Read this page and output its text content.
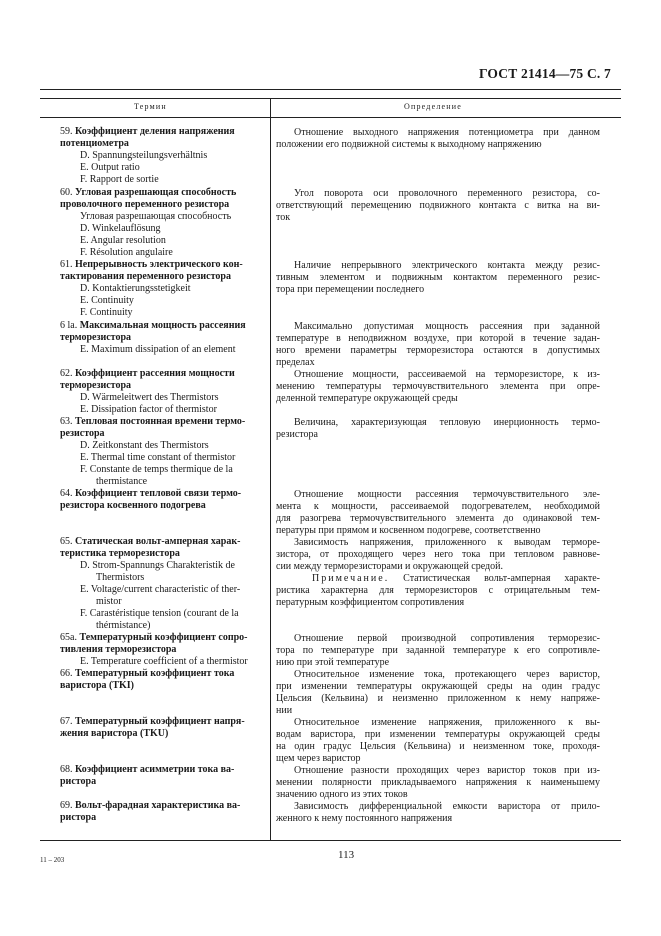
ГОСТ 21414—75 С. 7
Термин	Определение
59. Коэффициент деления напряжения
потенциометра
D. Spannungsteilungsverhältnis
E. Output ratio
F. Rapport de sortie
Отношение выходного напряжения потенциометра при данном
положении его подвижной системы к выходному напряжению
60. Угловая разрешающая способность
проволочного переменного резистора
Угловая разрешающая способность
D. Winkelauflösung
E. Angular resolution
F. Résolution angulaire
Угол поворота оси проволочного переменного резистора, со-
ответствующий перемещению подвижного контакта с витка на ви-
ток
61. Непрерывность электрического кон-
тактирования переменного резистора
D. Kontaktierungsstetigkeit
E. Continuity
F. Continuity
Наличие непрерывного электрического контакта между резис-
тивным элементом и подвижным контактом переменного резис-
тора при перемещении последнего
6 la. Максимальная мощность рассеяния
терморезистора
E. Maximum dissipation of an element
Максимально допустимая мощность рассеяния при заданной
температуре в неподвижном воздухе, при которой в течение задан-
ного времени параметры терморезистора остаются в допустимых
пределах
62. Коэффициент рассеяния мощности
терморезистора
D. Wärmeleitwert des Thermistors
E. Dissipation factor of thermistor
Отношение мощности, рассеиваемой на терморезисторе, к из-
менению температуры термочувствительного элемента при опре-
деленной температуре окружающей среды
63. Тепловая постоянная времени термо-
резистора
D. Zeitkonstant des Thermistors
E. Thermal time constant of thermistor
F. Constante de temps thermique de la
thermistance
Величина, характеризующая тепловую инерционность термо-
резистора
64. Коэффициент тепловой связи термо-
резистора косвенного подогрева
Отношение мощности рассеяния термочувствительного эле-
мента к мощности, рассеиваемой подогревателем, необходимой
для разогрева термочувствительного элемента до одинаковой тем-
пературы при прямом и косвенном подогреве, соответственно
65. Статическая вольт-амперная харак-
теристика терморезистора
D. Strom-Spannungs Charakteristik de
Thermistors
E. Voltage/current characteristic of ther-
mistor
F. Carastéristique tension (courant de la
thérmistance)
Зависимость напряжения, приложенного к выводам терморе-
зистора, от проходящего через него тока при тепловом равнове-
сии между терморезисторами и окружающей средой.
Примечание. Статистическая вольт-амперная характе-
ристика характерна для терморезисторов с отрицательным тем-
пературным коэффициентом сопротивления
65a. Температурный коэффициент сопро-
тивления терморезистора
E. Temperature coefficient of a thermistor
Отношение первой производной сопротивления терморезис-
тора по температуре при заданной температуре к его сопротивле-
нию при этой температуре
66. Температурный коэффициент тока
варистора (TKI)
Относительное изменение тока, протекающего через варистор,
при изменении температуры окружающей среды на один градус
Цельсия (Кельвина) и неизменно приложенном к нему напряже-
нии
67. Температурный коэффициент напря-
жения варистора (TKU)
Относительное изменение напряжения, приложенного к вы-
водам варистора, при изменении температуры окружающей среды
на один градус Цельсия (Кельвина) и неизменном токе, проходя-
щем через варистор
68. Коэффициент асимметрии тока ва-
ристора
Отношение разности проходящих через варистор токов при из-
менении полярности прикладываемого напряжения к наименьшему
значению одного из этих токов
69. Вольт-фарадная характеристика ва-
ристора
Зависимость дифференциальной емкости варистора от прило-
женного к нему постоянного напряжения
11 – 203	113
